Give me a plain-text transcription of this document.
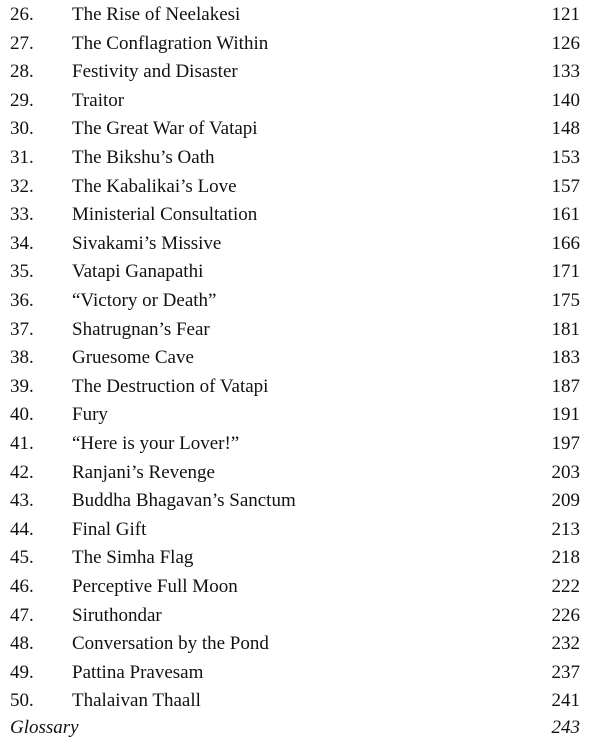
26. The Rise of Neelakesi	121
27. The Conflagration Within	126
28. Festivity and Disaster	133
29. Traitor	140
30. The Great War of Vatapi	148
31. The Bikshu’s Oath	153
32. The Kabalikai’s Love	157
33. Ministerial Consultation	161
34. Sivakami’s Missive	166
35. Vatapi Ganapathi	171
36. “Victory or Death”	175
37. Shatrugnan’s Fear	181
38. Gruesome Cave	183
39. The Destruction of Vatapi	187
40. Fury	191
41. “Here is your Lover!”	197
42. Ranjani’s Revenge	203
43. Buddha Bhagavan’s Sanctum	209
44. Final Gift	213
45. The Simha Flag	218
46. Perceptive Full Moon	222
47. Siruthondar	226
48. Conversation by the Pond	232
49. Pattina Pravesam	237
50. Thalaivan Thaall	241
Glossary	243
